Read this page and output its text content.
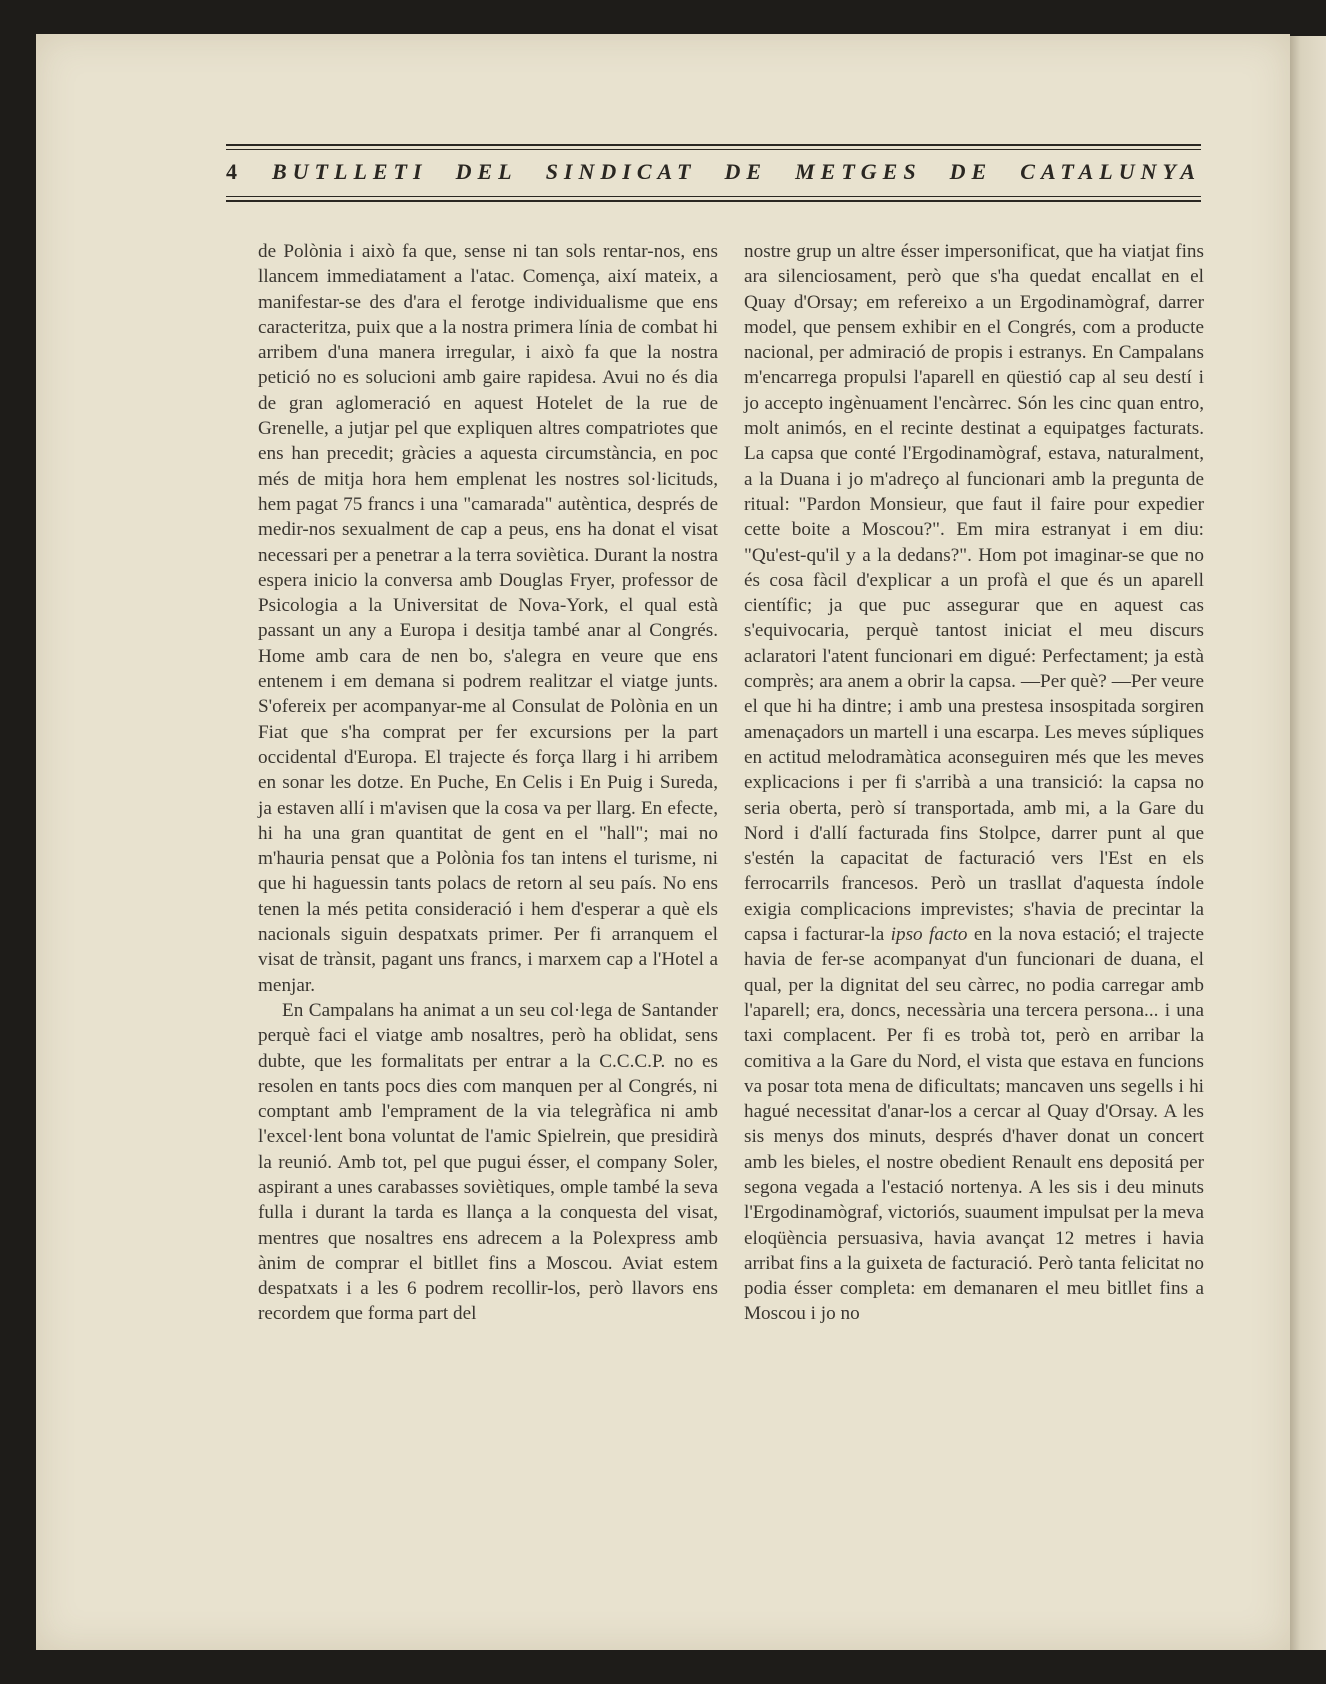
4	BUTLLETI DEL SINDICAT DE METGES DE CATALUNYA

de Polònia i això fa que, sense ni tan sols rentar-nos, ens llancem immediatament a l'atac. Comença, així mateix, a manifestar-se des d'ara el ferotge individualisme que ens caracteritza, puix que a la nostra primera línia de combat hi arribem d'una manera irregular, i això fa que la nostra petició no es solucioni amb gaire rapidesa. Avui no és dia de gran aglomeració en aquest Hotelet de la rue de Grenelle, a jutjar pel que expliquen altres compatriotes que ens han precedit; gràcies a aquesta circumstància, en poc més de mitja hora hem emplenat les nostres sol·licituds, hem pagat 75 francs i una "camarada" autèntica, després de medir-nos sexualment de cap a peus, ens ha donat el visat necessari per a penetrar a la terra soviètica. Durant la nostra espera inicio la conversa amb Douglas Fryer, professor de Psicologia a la Universitat de Nova-York, el qual està passant un any a Europa i desitja també anar al Congrés. Home amb cara de nen bo, s'alegra en veure que ens entenem i em demana si podrem realitzar el viatge junts. S'ofereix per acompanyar-me al Consulat de Polònia en un Fiat que s'ha comprat per fer excursions per la part occidental d'Europa. El trajecte és força llarg i hi arribem en sonar les dotze. En Puche, En Celis i En Puig i Sureda, ja estaven allí i m'avisen que la cosa va per llarg. En efecte, hi ha una gran quantitat de gent en el "hall"; mai no m'hauria pensat que a Polònia fos tan intens el turisme, ni que hi haguessin tants polacs de retorn al seu país. No ens tenen la més petita consideració i hem d'esperar a què els nacionals siguin despatxats primer. Per fi arranquem el visat de trànsit, pagant uns francs, i marxem cap a l'Hotel a menjar.

En Campalans ha animat a un seu col·lega de Santander perquè faci el viatge amb nosaltres, però ha oblidat, sens dubte, que les formalitats per entrar a la C.C.C.P. no es resolen en tants pocs dies com manquen per al Congrés, ni comptant amb l'emprament de la via telegràfica ni amb l'excel·lent bona voluntat de l'amic Spielrein, que presidirà la reunió. Amb tot, pel que pugui ésser, el company Soler, aspirant a unes carabasses soviètiques, omple també la seva fulla i durant la tarda es llança a la conquesta del visat, mentres que nosaltres ens adrecem a la Polexpress amb ànim de comprar el bitllet fins a Moscou. Aviat estem despatxats i a les 6 podrem recollir-los, però llavors ens recordem que forma part del

nostre grup un altre ésser impersonificat, que ha viatjat fins ara silenciosament, però que s'ha quedat encallat en el Quay d'Orsay; em refereixo a un Ergodinamògraf, darrer model, que pensem exhibir en el Congrés, com a producte nacional, per admiració de propis i estranys. En Campalans m'encarrega propulsi l'aparell en qüestió cap al seu destí i jo accepto ingènuament l'encàrrec. Són les cinc quan entro, molt animós, en el recinte destinat a equipatges facturats. La capsa que conté l'Ergodinamògraf, estava, naturalment, a la Duana i jo m'adreço al funcionari amb la pregunta de ritual: "Pardon Monsieur, que faut il faire pour expedier cette boite a Moscou?". Em mira estranyat i em diu: "Qu'est-qu'il y a la dedans?". Hom pot imaginar-se que no és cosa fàcil d'explicar a un profà el que és un aparell científic; ja que puc assegurar que en aquest cas s'equivocaria, perquè tantost iniciat el meu discurs aclaratori l'atent funcionari em digué: Perfectament; ja està comprès; ara anem a obrir la capsa. —Per què? —Per veure el que hi ha dintre; i amb una prestesa insospitada sorgiren amenaçadors un martell i una escarpa. Les meves súpliques en actitud melodramàtica aconseguiren més que les meves explicacions i per fi s'arribà a una transició: la capsa no seria oberta, però sí transportada, amb mi, a la Gare du Nord i d'allí facturada fins Stolpce, darrer punt al que s'estén la capacitat de facturació vers l'Est en els ferrocarrils francesos. Però un trasllat d'aquesta índole exigia complicacions imprevistes; s'havia de precintar la capsa i facturar-la ipso facto en la nova estació; el trajecte havia de fer-se acompanyat d'un funcionari de duana, el qual, per la dignitat del seu càrrec, no podia carregar amb l'aparell; era, doncs, necessària una tercera persona... i una taxi complacent. Per fi es trobà tot, però en arribar la comitiva a la Gare du Nord, el vista que estava en funcions va posar tota mena de dificultats; mancaven uns segells i hi hagué necessitat d'anar-los a cercar al Quay d'Orsay. A les sis menys dos minuts, després d'haver donat un concert amb les bieles, el nostre obedient Renault ens depositá per segona vegada a l'estació nortenya. A les sis i deu minuts l'Ergodinamògraf, victoriós, suaument impulsat per la meva eloqüència persuasiva, havia avançat 12 metres i havia arribat fins a la guixeta de facturació. Però tanta felicitat no podia ésser completa: em demanaren el meu bitllet fins a Moscou i jo no
